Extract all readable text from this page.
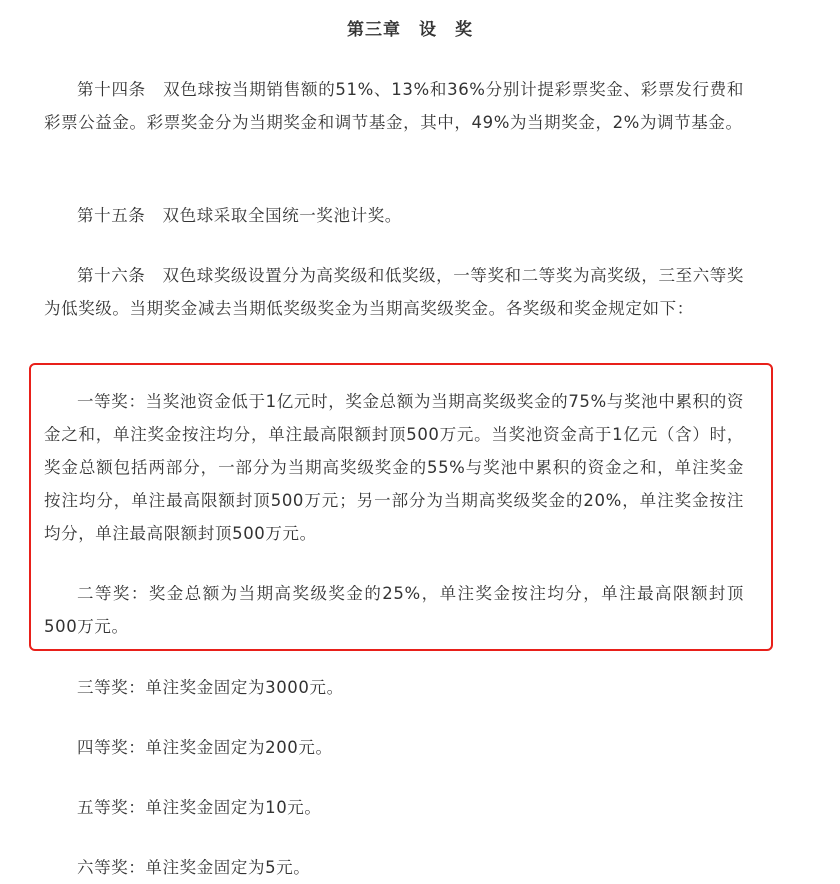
第三章　设　奖

第十四条　双色球按当期销售额的51%、13%和36%分别计提彩票奖金、彩票发行费和彩票公益金。彩票奖金分为当期奖金和调节基金，其中，49%为当期奖金，2%为调节基金。

第十五条　双色球采取全国统一奖池计奖。

第十六条　双色球奖级设置分为高奖级和低奖级，一等奖和二等奖为高奖级，三至六等奖为低奖级。当期奖金减去当期低奖级奖金为当期高奖级奖金。各奖级和奖金规定如下：

一等奖：当奖池资金低于1亿元时，奖金总额为当期高奖级奖金的75%与奖池中累积的资金之和，单注奖金按注均分，单注最高限额封顶500万元。当奖池资金高于1亿元（含）时，奖金总额包括两部分，一部分为当期高奖级奖金的55%与奖池中累积的资金之和，单注奖金按注均分，单注最高限额封顶500万元；另一部分为当期高奖级奖金的20%，单注奖金按注均分，单注最高限额封顶500万元。

二等奖：奖金总额为当期高奖级奖金的25%，单注奖金按注均分，单注最高限额封顶500万元。

三等奖：单注奖金固定为3000元。

四等奖：单注奖金固定为200元。

五等奖：单注奖金固定为10元。

六等奖：单注奖金固定为5元。
